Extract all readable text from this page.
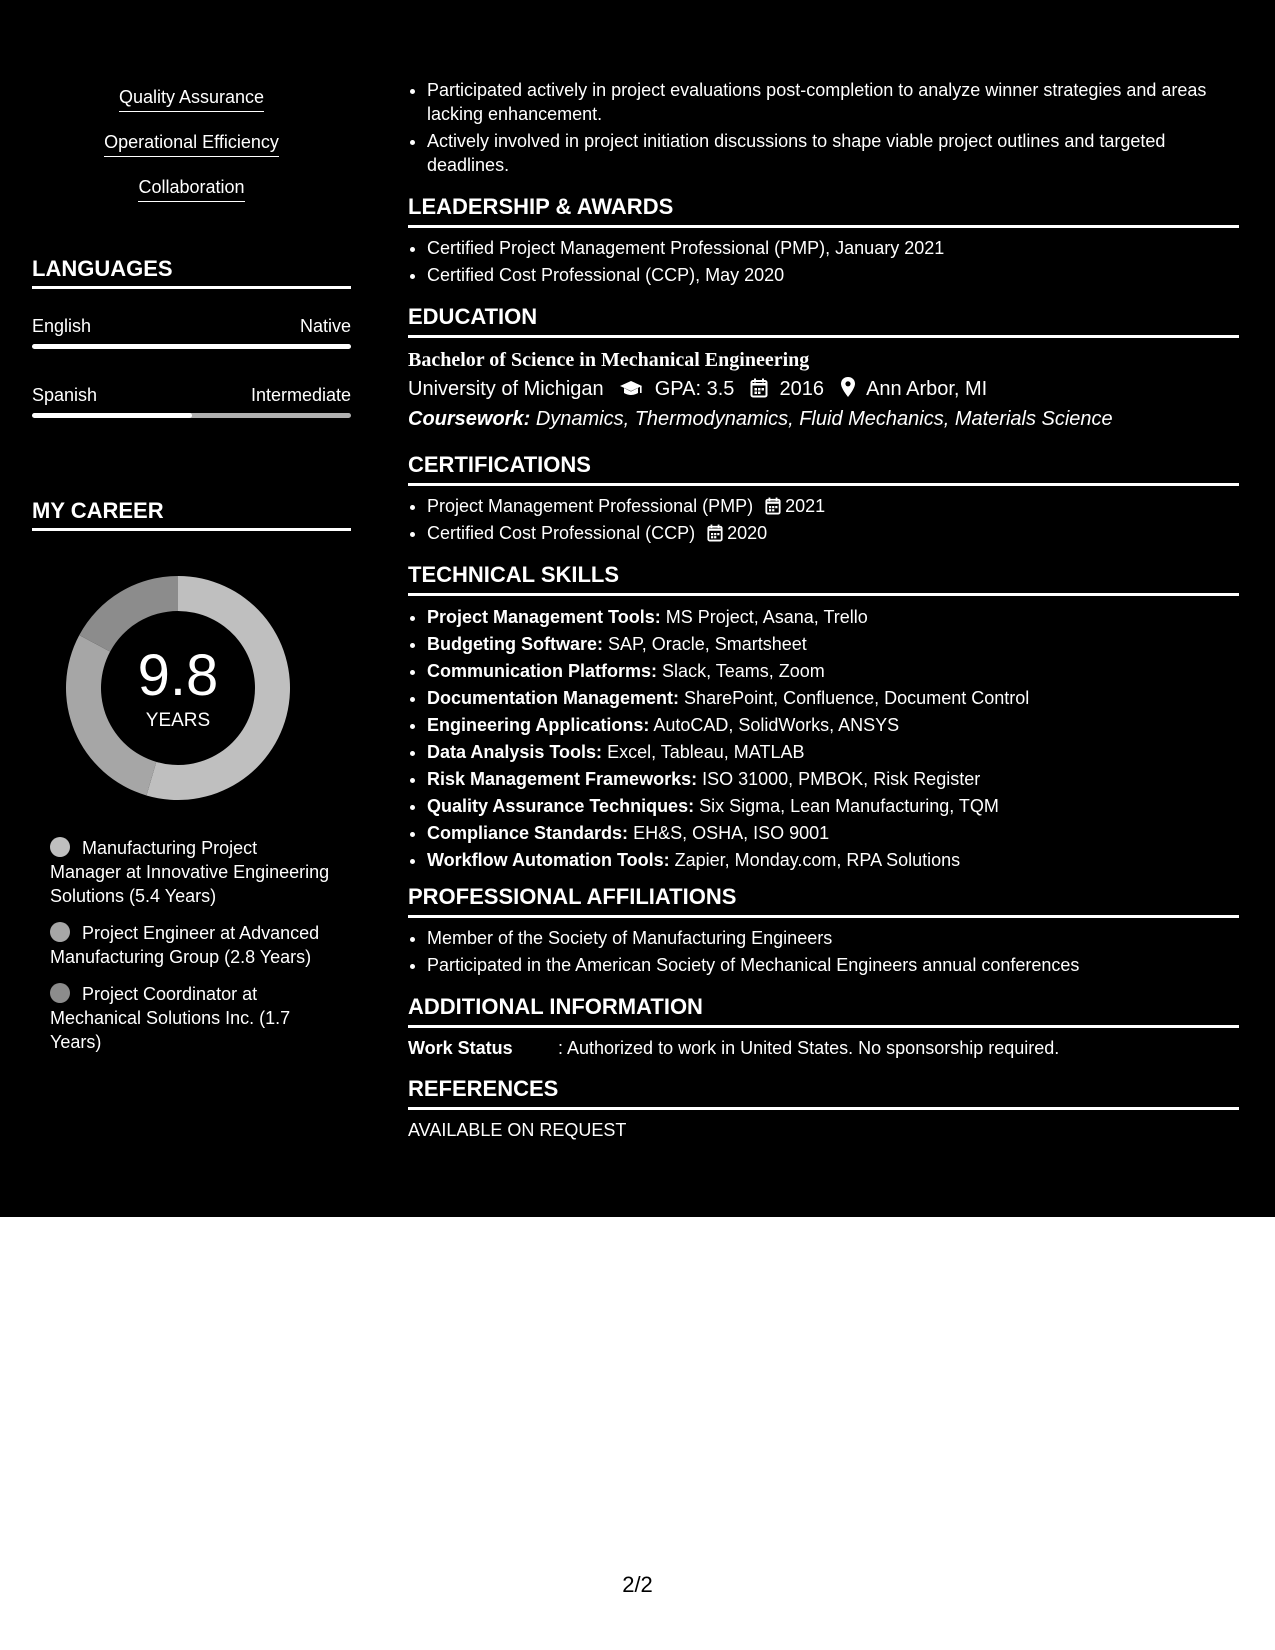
Quality Assurance
Operational Efficiency
Collaboration
LANGUAGES
English	Native
Spanish	Intermediate
MY CAREER
9.8
YEARS
Manufacturing Project Manager at Innovative Engineering Solutions (5.4 Years)
Project Engineer at Advanced Manufacturing Group (2.8 Years)
Project Coordinator at Mechanical Solutions Inc. (1.7 Years)
• Participated actively in project evaluations post-completion to analyze winner strategies and areas lacking enhancement.
• Actively involved in project initiation discussions to shape viable project outlines and targeted deadlines.
LEADERSHIP & AWARDS
• Certified Project Management Professional (PMP), January 2021
• Certified Cost Professional (CCP), May 2020
EDUCATION
Bachelor of Science in Mechanical Engineering
University of Michigan	GPA: 3.5 2016 Ann Arbor, MI
Coursework: Dynamics, Thermodynamics, Fluid Mechanics, Materials Science
CERTIFICATIONS
• Project Management Professional (PMP) 2021
• Certified Cost Professional (CCP) 2020
TECHNICAL SKILLS
• Project Management Tools: MS Project, Asana, Trello
• Budgeting Software: SAP, Oracle, Smartsheet
• Communication Platforms: Slack, Teams, Zoom
• Documentation Management: SharePoint, Confluence, Document Control
• Engineering Applications: AutoCAD, SolidWorks, ANSYS
• Data Analysis Tools: Excel, Tableau, MATLAB
• Risk Management Frameworks: ISO 31000, PMBOK, Risk Register
• Quality Assurance Techniques: Six Sigma, Lean Manufacturing, TQM
• Compliance Standards: EH&S, OSHA, ISO 9001
• Workflow Automation Tools: Zapier, Monday.com, RPA Solutions
PROFESSIONAL AFFILIATIONS
• Member of the Society of Manufacturing Engineers
• Participated in the American Society of Mechanical Engineers annual conferences
ADDITIONAL INFORMATION
Work Status	: Authorized to work in United States. No sponsorship required.
REFERENCES
AVAILABLE ON REQUEST
2/2
